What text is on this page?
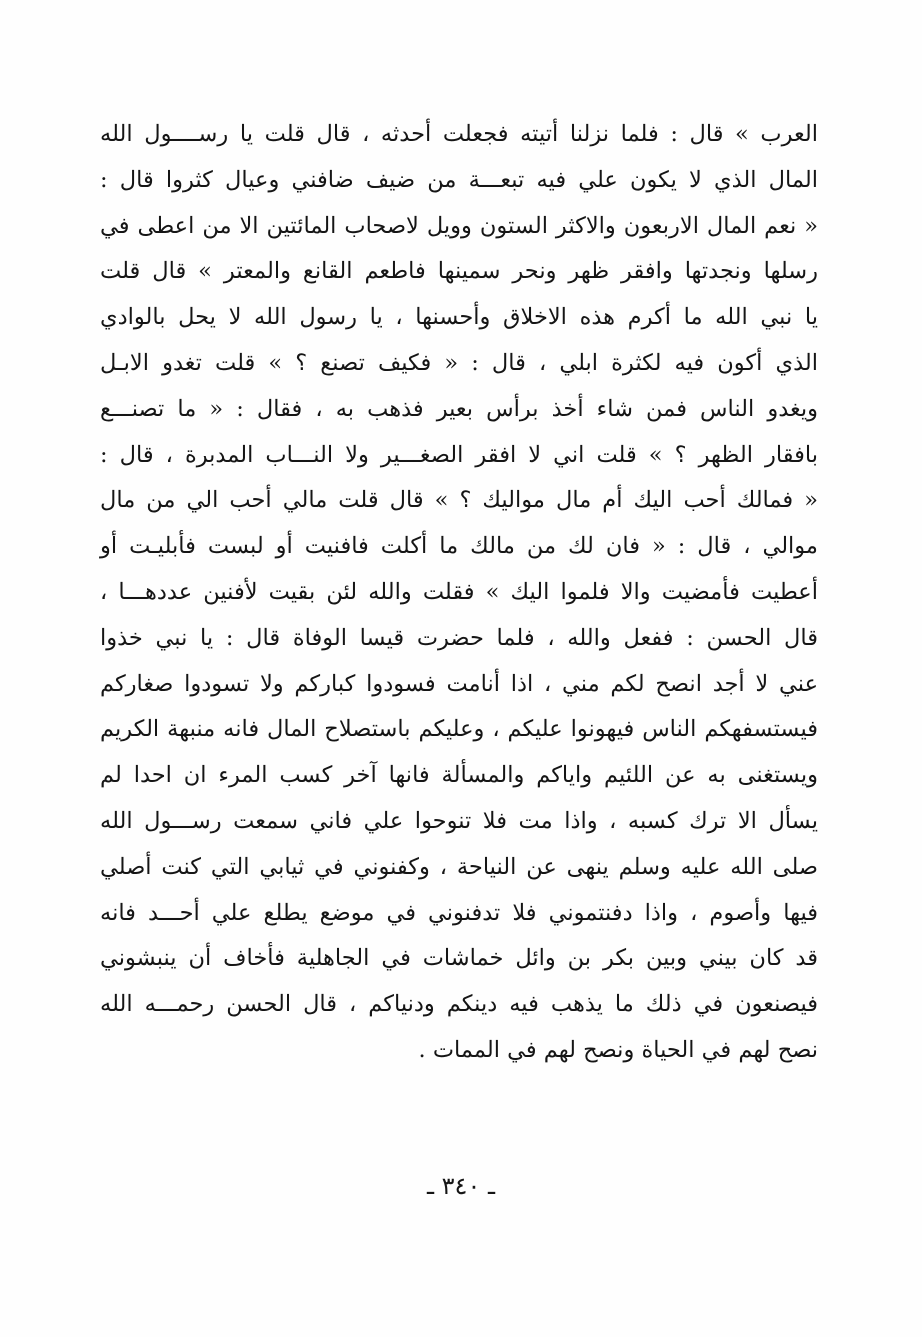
العرب » قال : فلما نزلنا أتيته فجعلت أحدثه ، قال قلت يا رســــول الله
المال الذي لا يكون علي فيه تبعـــة من ضيف ضافني وعيال كثروا قال :
« نعم المال الاربعون والاكثر الستون وويل لاصحاب المائتين الا من اعطى في
رسلها ونجدتها وافقر ظهر ونحر سمينها فاطعم القانع والمعتر » قال قلت
يا نبي الله ما أكرم هذه الاخلاق وأحسنها ، يا رسول الله لا يحل بالوادي
الذي أكون فيه لكثرة ابلي ، قال : « فكيف تصنع ؟ » قلت تغدو الابـل
ويغدو الناس فمن شاء أخذ برأس بعير فذهب به ، فقال : « ما تصنـــع
بافقار الظهر ؟ » قلت اني لا افقر الصغـــير ولا النـــاب المدبرة ، قال :
« فمالك أحب اليك أم مال مواليك ؟ » قال قلت مالي أحب الي من مال
موالي ، قال : « فان لك من مالك ما أكلت فافنيت أو لبست فأبليـت أو
أعطيت فأمضيت والا فلموا اليك » فقلت والله لئن بقيت لأفنين عددهـــا ،
قال الحسن : ففعل والله ، فلما حضرت قيسا الوفاة قال : يا نبي خذوا
عني لا أجد انصح لكم مني ، اذا أنامت فسودوا كباركم ولا تسودوا صغاركم
فيستسفهكم الناس فيهونوا عليكم ، وعليكم باستصلاح المال فانه منبهة الكريم
ويستغنى به عن اللئيم واياكم والمسألة فانها آخر كسب المرء ان احدا لم
يسأل الا ترك كسبه ، واذا مت فلا تنوحوا علي فاني سمعت رســـول الله
صلى الله عليه وسلم ينهى عن النياحة ، وكفنوني في ثيابي التي كنت أصلي
فيها وأصوم ، واذا دفنتموني فلا تدفنوني في موضع يطلع علي أحـــد فانه
قد كان بيني وبين بكر بن وائل خماشات في الجاهلية فأخاف أن ينبشوني
فيصنعون في ذلك ما يذهب فيه دينكم ودنياكم ، قال الحسن رحمـــه الله
نصح لهم في الحياة ونصح لهم في الممات .
ـ ٣٤٠ ـ
